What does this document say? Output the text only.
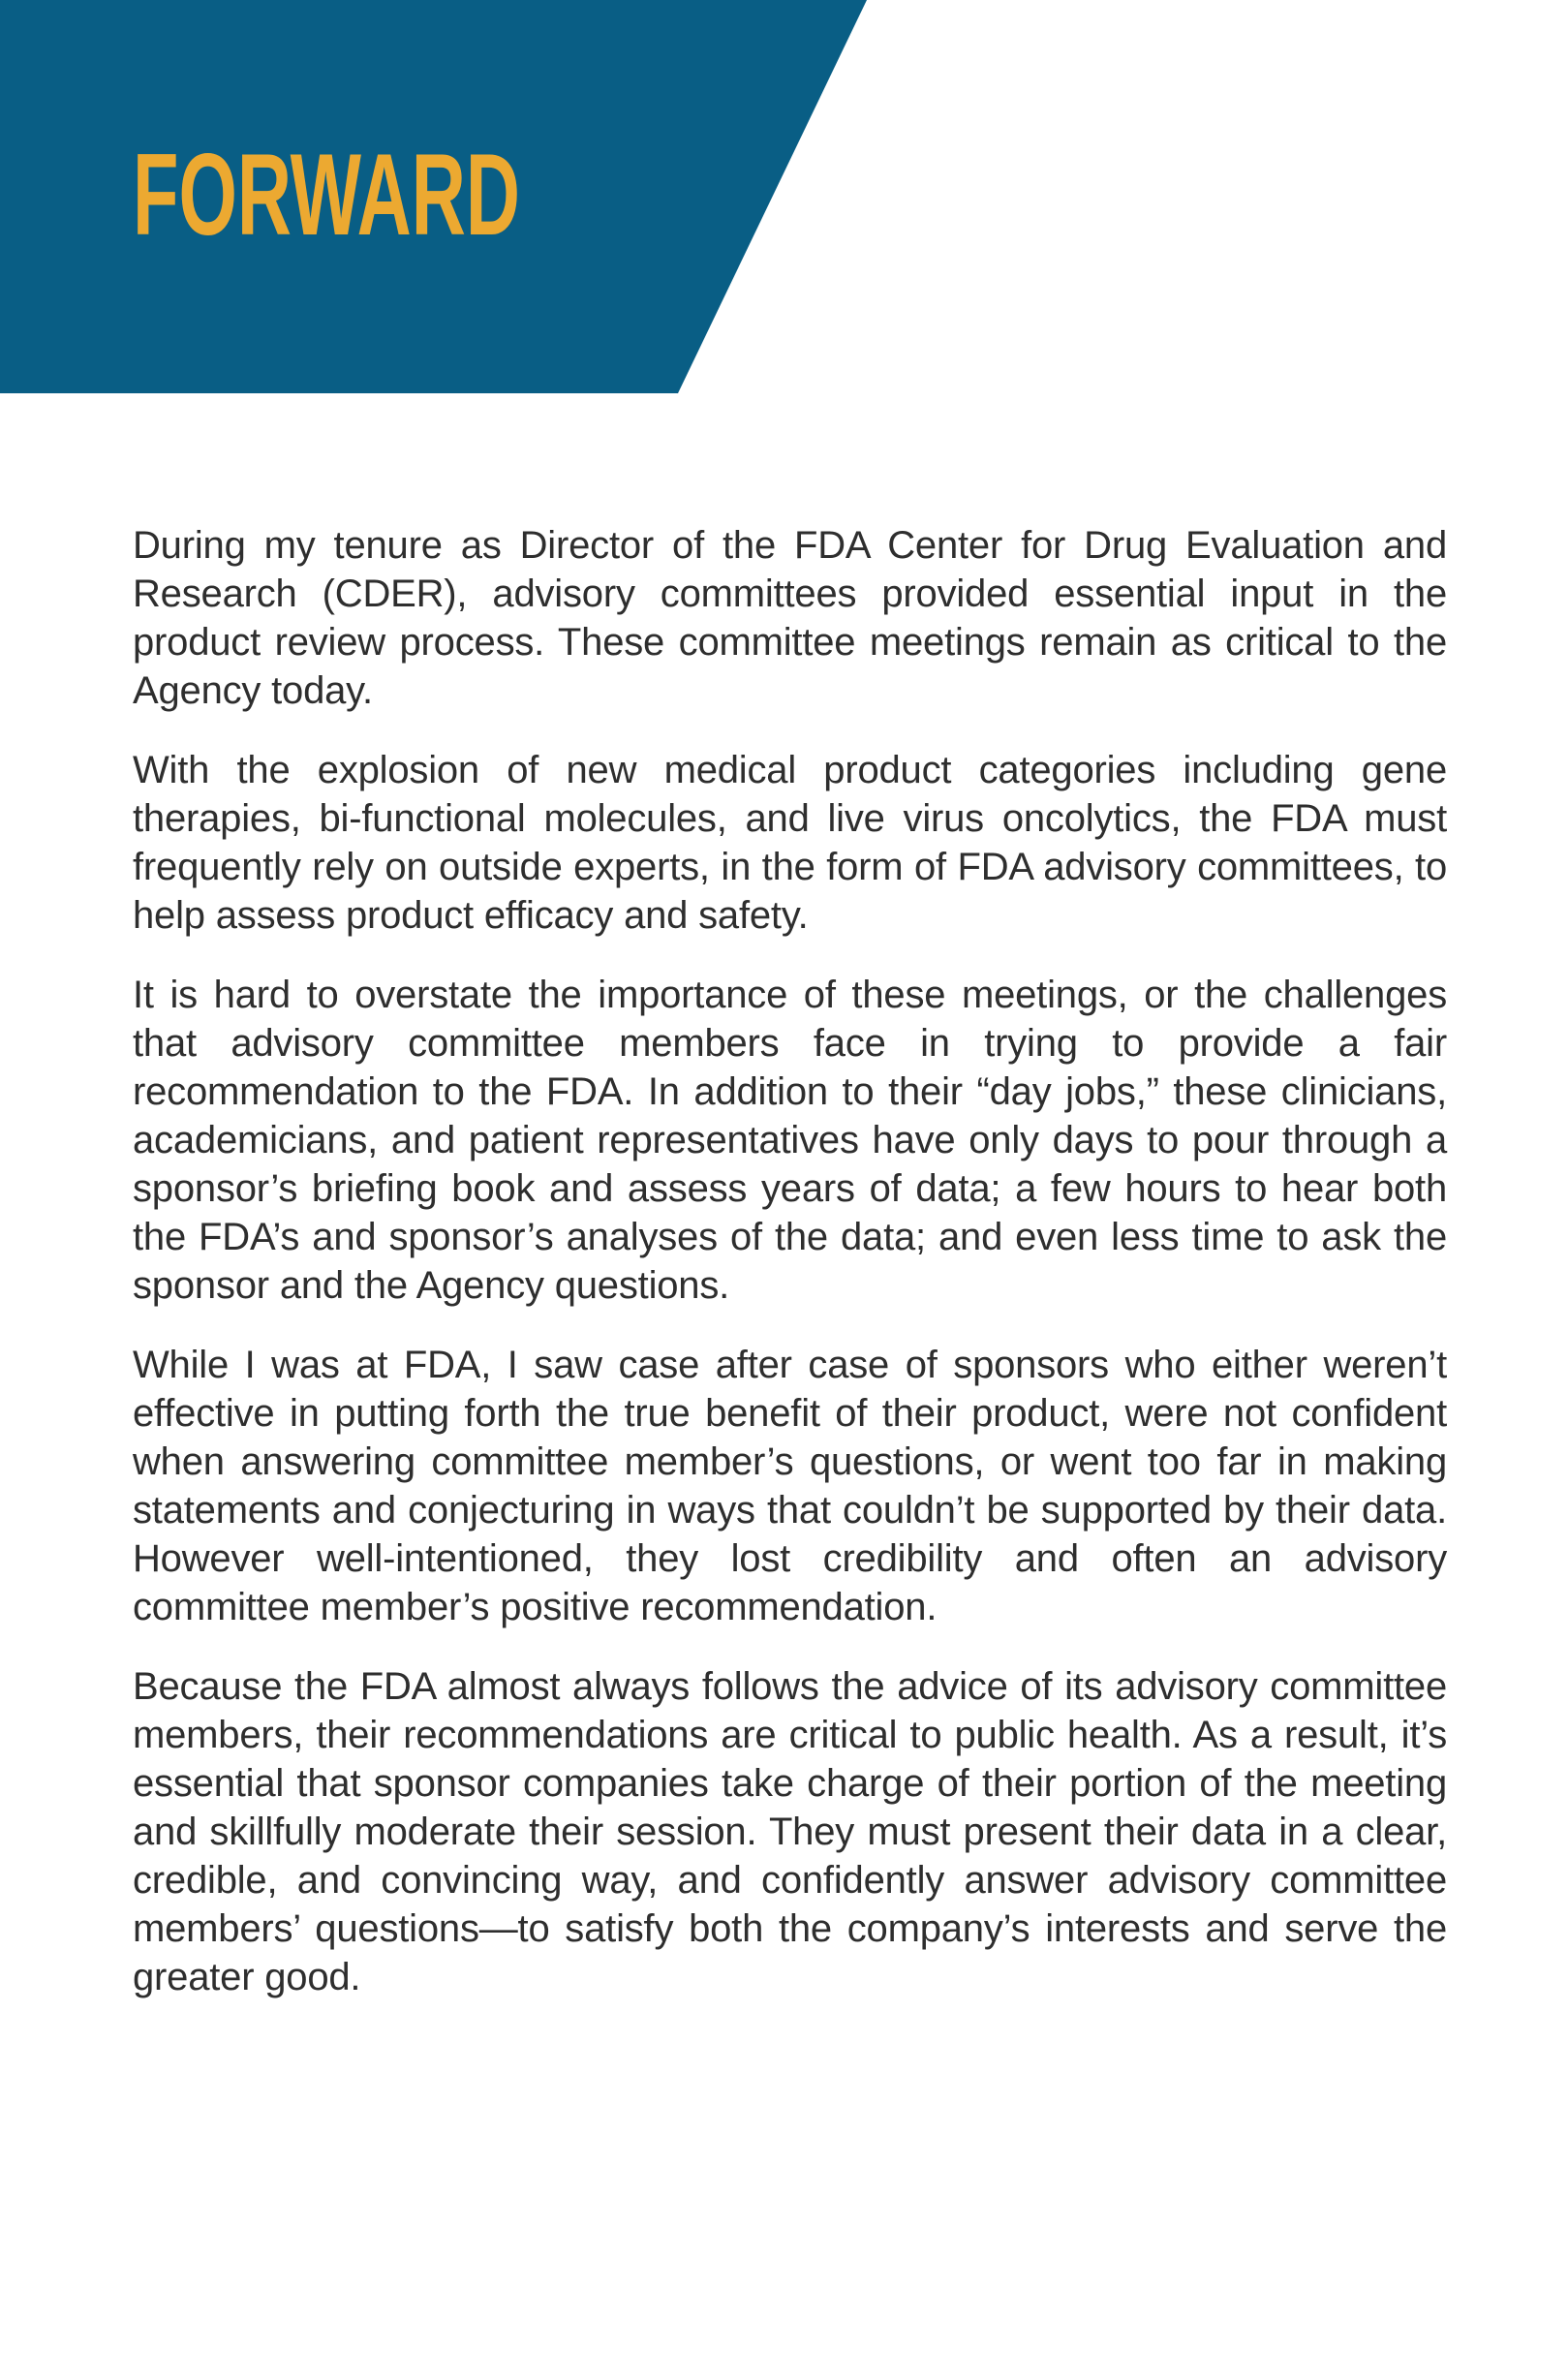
FORWARD

During my tenure as Director of the FDA Center for Drug Evaluation and Research (CDER), advisory committees provided essential input in the product review process. These committee meetings remain as critical to the Agency today.

With the explosion of new medical product categories including gene therapies, bi-functional molecules, and live virus oncolytics, the FDA must frequently rely on outside experts, in the form of FDA advisory committees, to help assess product efficacy and safety.

It is hard to overstate the importance of these meetings, or the challenges that advisory committee members face in trying to provide a fair recommendation to the FDA. In addition to their “day jobs,” these clinicians, academicians, and patient representatives have only days to pour through a sponsor’s briefing book and assess years of data; a few hours to hear both the FDA’s and sponsor’s analyses of the data; and even less time to ask the sponsor and the Agency questions.

While I was at FDA, I saw case after case of sponsors who either weren’t effective in putting forth the true benefit of their product, were not confident when answering committee member’s questions, or went too far in making statements and conjecturing in ways that couldn’t be supported by their data. However well-intentioned, they lost credibility and often an advisory committee member’s positive recommendation.

Because the FDA almost always follows the advice of its advisory committee members, their recommendations are critical to public health. As a result, it’s essential that sponsor companies take charge of their portion of the meeting and skillfully moderate their session. They must present their data in a clear, credible, and convincing way, and confidently answer advisory committee members’ questions—to satisfy both the company’s interests and serve the greater good.
